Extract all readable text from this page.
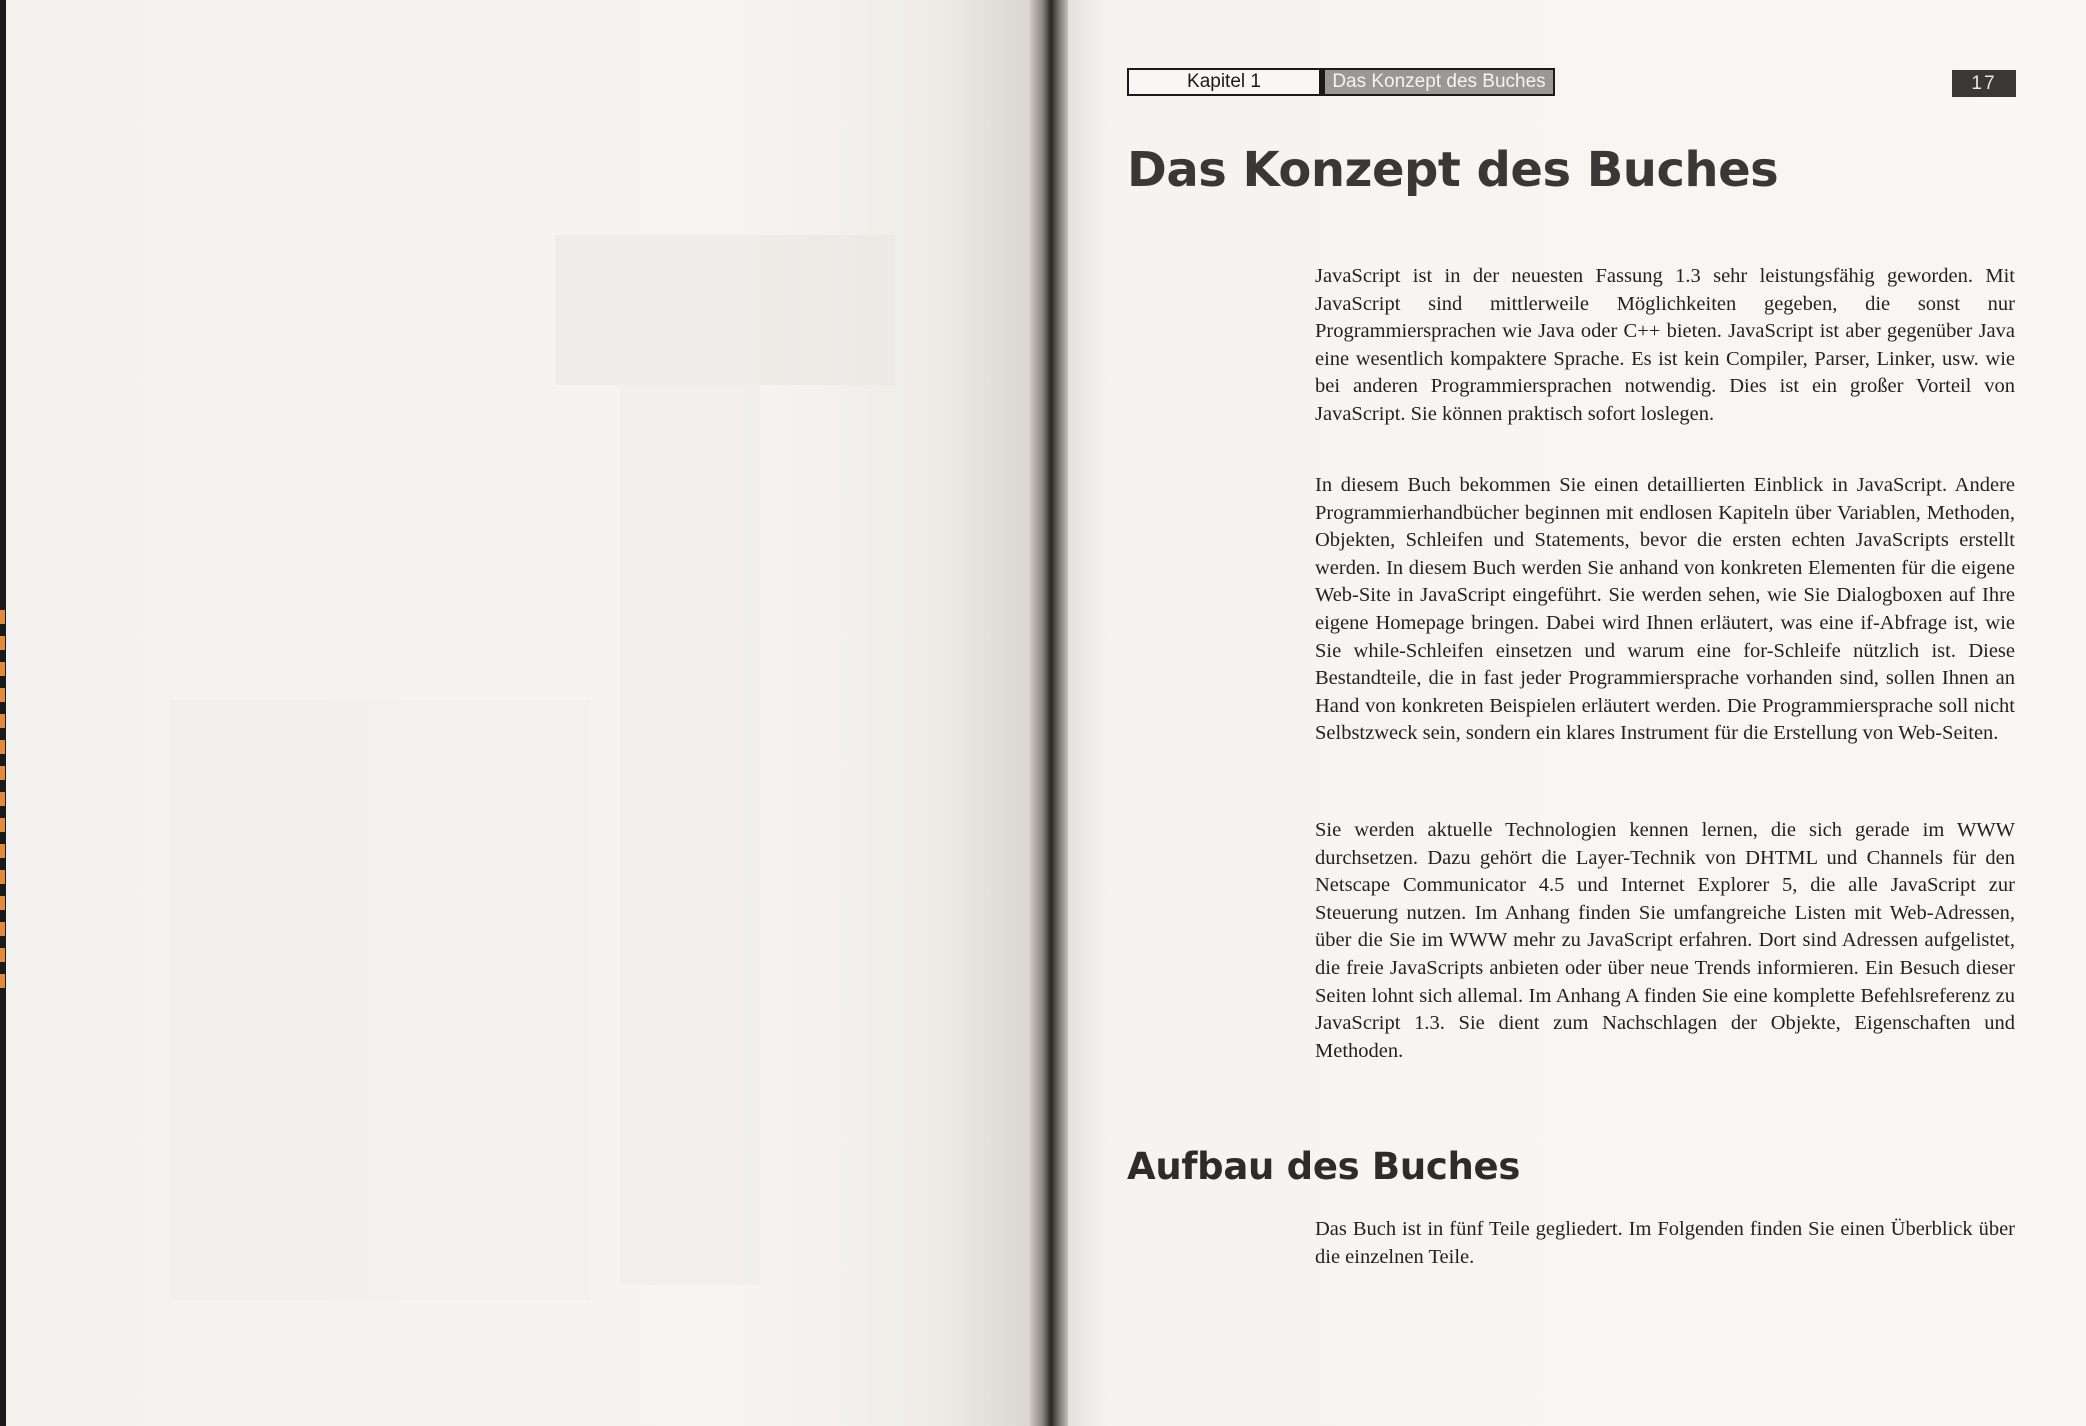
Kapitel 1	Das Konzept des Buches	17
Das Konzept des Buches

JavaScript ist in der neuesten Fassung 1.3 sehr leistungsfähig geworden. Mit JavaScript sind mittlerweile Möglichkeiten gegeben, die sonst nur Programmiersprachen wie Java oder C++ bieten. JavaScript ist aber gegenüber Java eine wesentlich kompaktere Sprache. Es ist kein Compiler, Parser, Linker, usw. wie bei anderen Programmiersprachen notwendig. Dies ist ein großer Vorteil von JavaScript. Sie können praktisch sofort loslegen.

In diesem Buch bekommen Sie einen detaillierten Einblick in JavaScript. Andere Programmierhandbücher beginnen mit endlosen Kapiteln über Variablen, Methoden, Objekten, Schleifen und Statements, bevor die ersten echten JavaScripts erstellt werden. In diesem Buch werden Sie anhand von konkreten Elementen für die eigene Web-Site in JavaScript eingeführt. Sie werden sehen, wie Sie Dialogboxen auf Ihre eigene Homepage bringen. Dabei wird Ihnen erläutert, was eine if-Abfrage ist, wie Sie while-Schleifen einsetzen und warum eine for-Schleife nützlich ist. Diese Bestandteile, die in fast jeder Programmiersprache vorhanden sind, sollen Ihnen an Hand von konkreten Beispielen erläutert werden. Die Programmiersprache soll nicht Selbstzweck sein, sondern ein klares Instrument für die Erstellung von Web-Seiten.

Sie werden aktuelle Technologien kennen lernen, die sich gerade im WWW durchsetzen. Dazu gehört die Layer-Technik von DHTML und Channels für den Netscape Communicator 4.5 und Internet Explorer 5, die alle JavaScript zur Steuerung nutzen. Im Anhang finden Sie umfangreiche Listen mit Web-Adressen, über die Sie im WWW mehr zu JavaScript erfahren. Dort sind Adressen aufgelistet, die freie JavaScripts anbieten oder über neue Trends informieren. Ein Besuch dieser Seiten lohnt sich allemal. Im Anhang A finden Sie eine komplette Befehlsreferenz zu JavaScript 1.3. Sie dient zum Nachschlagen der Objekte, Eigenschaften und Methoden.

Aufbau des Buches

Das Buch ist in fünf Teile gegliedert. Im Folgenden finden Sie einen Überblick über die einzelnen Teile.
